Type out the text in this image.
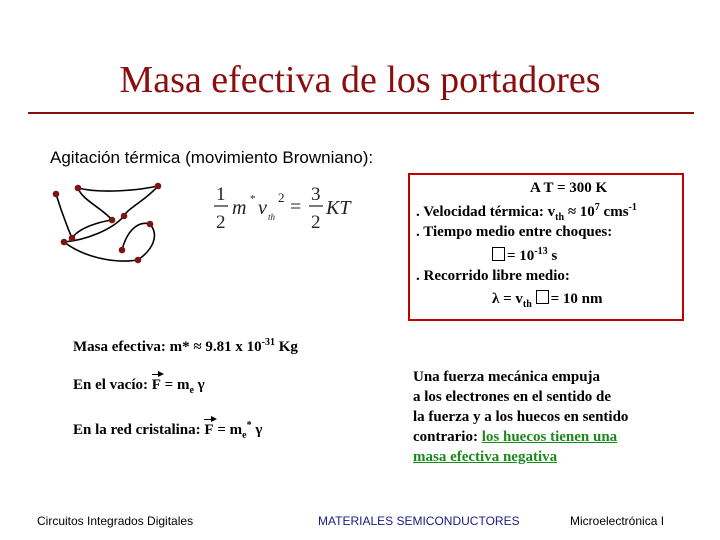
Masa efectiva de los portadores
Agitación térmica (movimiento Browniano):
1
2
m * v th
2 =
3
2
KT
A T = 300 K
. Velocidad térmica: $v_{th} \approx 10^7$ cms$^{-1}$
. Tiempo medio entre choques:
= $10^{-13}$ s
. Recorrido libre medio:
$\lambda = v_{th} = 10$ nm
Masa efectiva: m* ≈ 9.81 x $10^{-31}$ Kg
En el vacío: $F = m_e$ γ
En la red cristalina: $F = m_e^*$ γ
Una fuerza mecánica empuja
a los electrones en el sentido de
la fuerza y a los huecos en sentido
contrario: los huecos tienen una
masa efectiva negativa
Circuitos Integrados Digitales	MATERIALES SEMICONDUCTORES	Microelectrónica I
